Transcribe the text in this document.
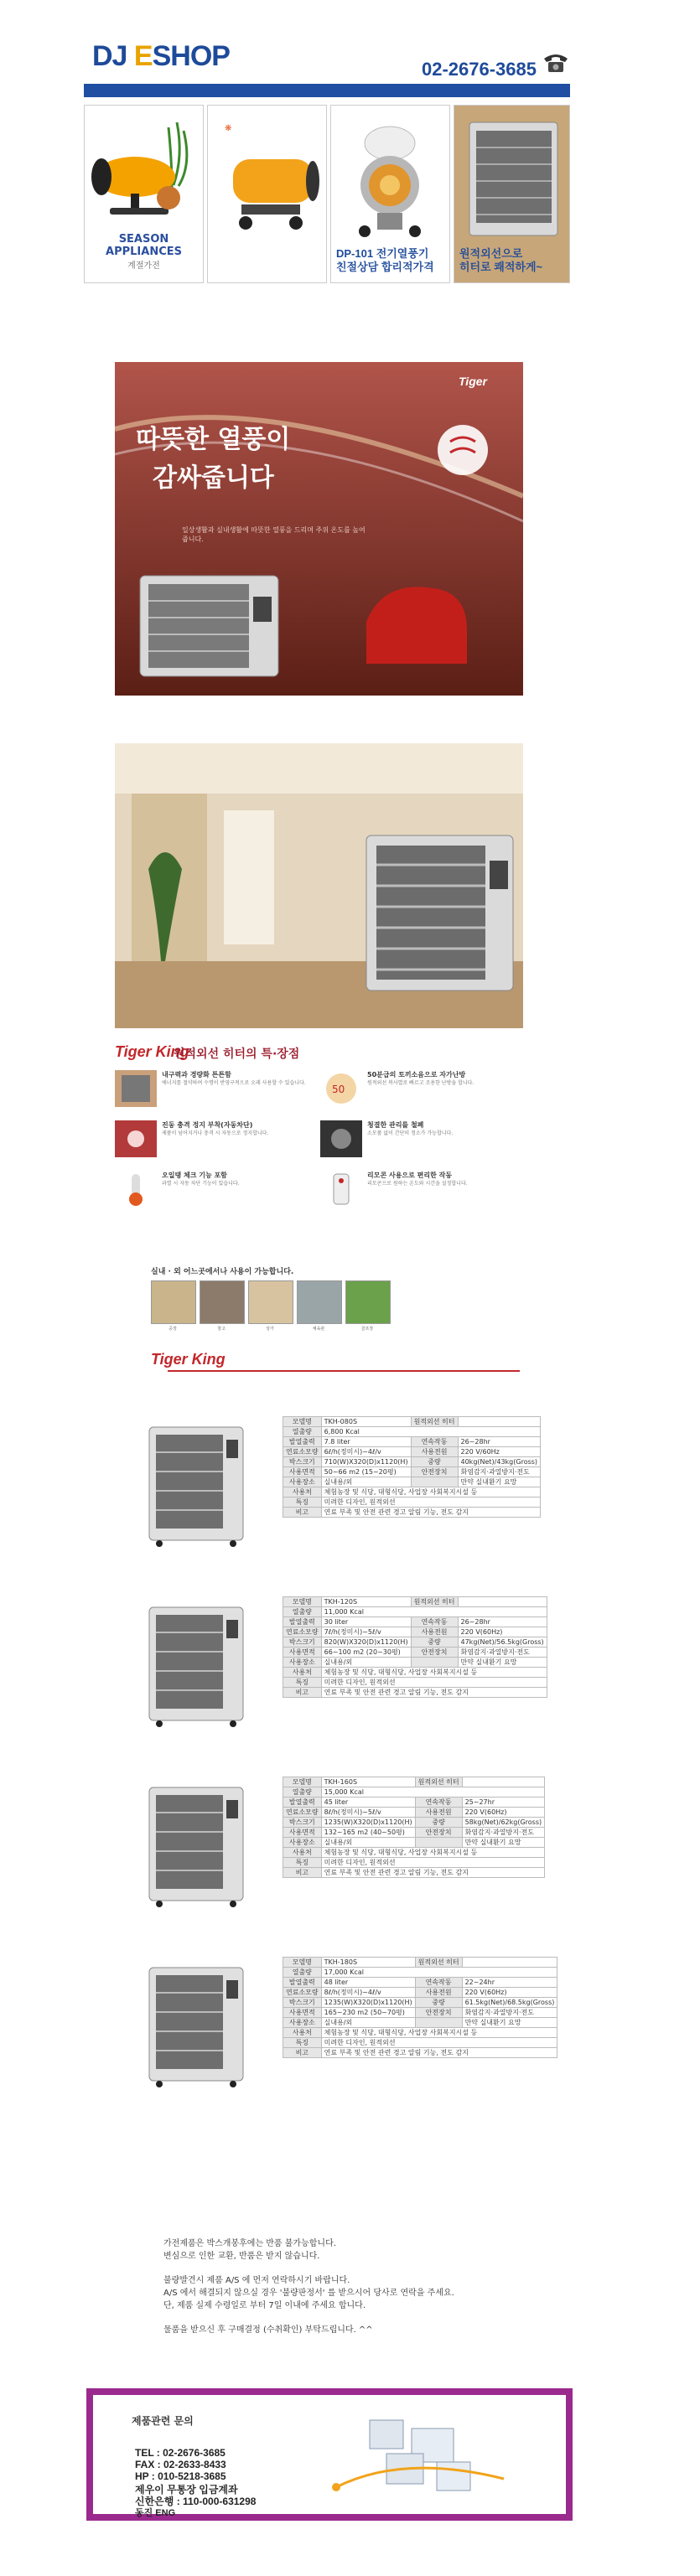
DJ ESHOP	02-2676-3685
SEASON APPLIANCES
계절가전
❋
DP-101 전기열풍기
친절상담 합리적가격
원적외선으로
히터로 쾌적하게~
Tiger
따뜻한 열풍이
감싸줍니다
일상생활과 실내생활에 따뜻한 열풍을 드리며 주위 온도를 높여줍니다.
Tiger King
원적외선 히터의 특·장점
내구력과 경량화 튼튼함
에너지를 절약하며 수명이 반영구적으로 오래 사용할 수 있습니다.
50
50분급의 토끼소음으로 자가난방
원적외선 복사열로 빠르고 조용한 난방을 합니다.
진동 충격 정지 부착(자동차단)
제품이 넘어지거나 충격 시 자동으로 정지합니다.
청결한 관리를 철폐
소모품 없이 간단히 청소가 가능합니다.
오일탱 체크 기능 포함
과열 시 자동 차단 기능이 있습니다.
리모콘 사용으로 편리한 작동
리모콘으로 원하는 온도와 시간을 설정합니다.
실내 · 외 어느곳에서나 사용이 가능합니다.
공장	창고	상가	체육관	골프장
Tiger King
모델명	TKH-080S	원적외선 히터	
열출량	6,800 Kcal		
발열출력	7.8 liter	연속작동	26~28hr
연료소모량	6ℓ/h(정미시)~4ℓ/v	사용전원	220 V/60Hz
박스크기	710(W)X320(D)x1120(H)	중량	40kg(Net)/43kg(Gross)
사용면적	50~66 m2 (15~20평)	안전장치	화염감지·과열방지·전도
사용장소	실내용/외		만약 실내환기 요망
사용처	체험농장 및 식당, 대형식당, 사업장 사회복지시설 등		
특징	미려한 디자인, 원적외선		
비고	연료 부족 및 안전 관련 경고 알림 기능, 전도 감지		
모델명	TKH-120S	원적외선 히터	
열출량	11,000 Kcal		
발열출력	30 liter	연속작동	26~28hr
연료소모량	7ℓ/h(정미시)~5ℓ/v	사용전원	220 V(60Hz)
박스크기	820(W)X320(D)x1120(H)	중량	47kg(Net)/56.5kg(Gross)
사용면적	66~100 m2 (20~30평)	안전장치	화염감지·과열방지·전도
사용장소	실내용/외		만약 실내환기 요망
사용처	체험농장 및 식당, 대형식당, 사업장 사회복지시설 등		
특징	미려한 디자인, 원적외선		
비고	연료 부족 및 안전 관련 경고 알림 기능, 전도 감지		
모델명	TKH-160S	원적외선 히터	
열출량	15,000 Kcal		
발열출력	45 liter	연속작동	25~27hr
연료소모량	8ℓ/h(정미시)~5ℓ/v	사용전원	220 V(60Hz)
박스크기	1235(W)X320(D)x1120(H)	중량	58kg(Net)/62kg(Gross)
사용면적	132~165 m2 (40~50평)	안전장치	화염감지·과열방지·전도
사용장소	실내용/외		만약 실내환기 요망
사용처	체험농장 및 식당, 대형식당, 사업장 사회복지시설 등		
특징	미려한 디자인, 원적외선		
비고	연료 부족 및 안전 관련 경고 알림 기능, 전도 감지		
모델명	TKH-180S	원적외선 히터	
열출량	17,000 Kcal		
발열출력	48 liter	연속작동	22~24hr
연료소모량	8ℓ/h(정미시)~4ℓ/v	사용전원	220 V(60Hz)
박스크기	1235(W)X320(D)x1120(H)	중량	61.5kg(Net)/68.5kg(Gross)
사용면적	165~230 m2 (50~70평)	안전장치	화염감지·과열방지·전도
사용장소	실내용/외		만약 실내환기 요망
사용처	체험농장 및 식당, 대형식당, 사업장 사회복지시설 등		
특징	미려한 디자인, 원적외선		
비고	연료 부족 및 안전 관련 경고 알림 기능, 전도 감지		

가전제품은 박스개봉후에는 반품 불가능합니다.

변심으로 인한 교환, 반품은 받지 않습니다.

불량발견시 제품 A/S 에 먼저 연락하시기 바랍니다.

A/S 에서 해결되지 않으실 경우 '불량판정서' 를 받으시어 당사로 연락을 주세요.

단, 제품 실제 수령일로 부터 7일 이내에 주세요 합니다.

물품을 받으신 후 구매결정 (수취확인) 부탁드립니다. ^^

제품관련 문의
TEL : 02-2676-3685
FAX : 02-2633-8433
HP : 010-5218-3685
제우이 무통장 입금계좌
신한은행 : 110-000-631298
동진 ENG
